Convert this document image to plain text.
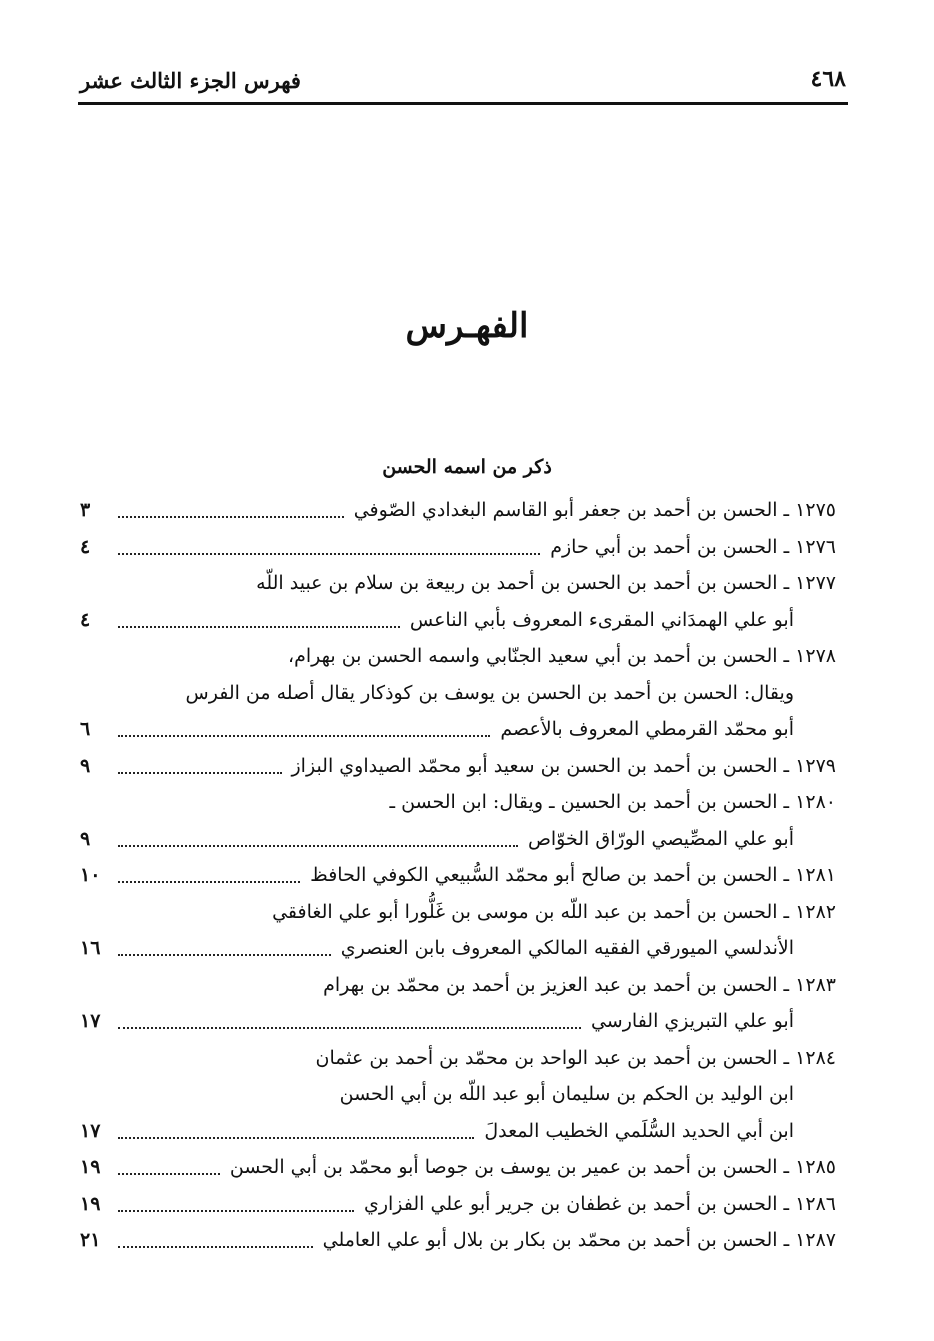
فهرس الجزء الثالث عشر	٤٦٨
الفهـرس
ذكر من اسمه الحسن
١٢٧٥ ـ الحسن بن أحمد بن جعفر أبو القاسم البغدادي الصّوفي
٣
١٢٧٦ ـ الحسن بن أحمد بن أبي حازم
٤
١٢٧٧ ـ الحسن بن أحمد بن الحسن بن أحمد بن ربيعة بن سلام بن عبيد اللّه
أبو علي الهمدَاني المقرىء المعروف بأبي الناعس
٤
١٢٧٨ ـ الحسن بن أحمد بن أبي سعيد الجنّابي واسمه الحسن بن بهرام،
ويقال: الحسن بن أحمد بن الحسن بن يوسف بن كوذكار يقال أصله من الفرس
أبو محمّد القرمطي المعروف بالأعصم
٦
١٢٧٩ ـ الحسن بن أحمد بن الحسن بن سعيد أبو محمّد الصيداوي البزاز
٩
١٢٨٠ ـ الحسن بن أحمد بن الحسين ـ ويقال: ابن الحسن ـ
أبو علي المصِّيصي الورّاق الخوّاص
٩
١٢٨١ ـ الحسن بن أحمد بن صالح أبو محمّد السُّبيعي الكوفي الحافظ
١٠
١٢٨٢ ـ الحسن بن أحمد بن عبد اللّه بن موسى بن غَلُّورا أبو علي الغافقي
الأندلسي الميورقي الفقيه المالكي المعروف بابن العنصري
١٦
١٢٨٣ ـ الحسن بن أحمد بن عبد العزيز بن أحمد بن محمّد بن بهرام
أبو علي التبريزي الفارسي
١٧
١٢٨٤ ـ الحسن بن أحمد بن عبد الواحد بن محمّد بن أحمد بن عثمان
ابن الوليد بن الحكم بن سليمان أبو عبد اللّه بن أبي الحسن
ابن أبي الحديد السُّلَمي الخطيب المعدلَ
١٧
١٢٨٥ ـ الحسن بن أحمد بن عمير بن يوسف بن جوصا أبو محمّد بن أبي الحسن
١٩
١٢٨٦ ـ الحسن بن أحمد بن غطفان بن جرير أبو علي الفزاري
١٩
١٢٨٧ ـ الحسن بن أحمد بن محمّد بن بكار بن بلال أبو علي العاملي
٢١
